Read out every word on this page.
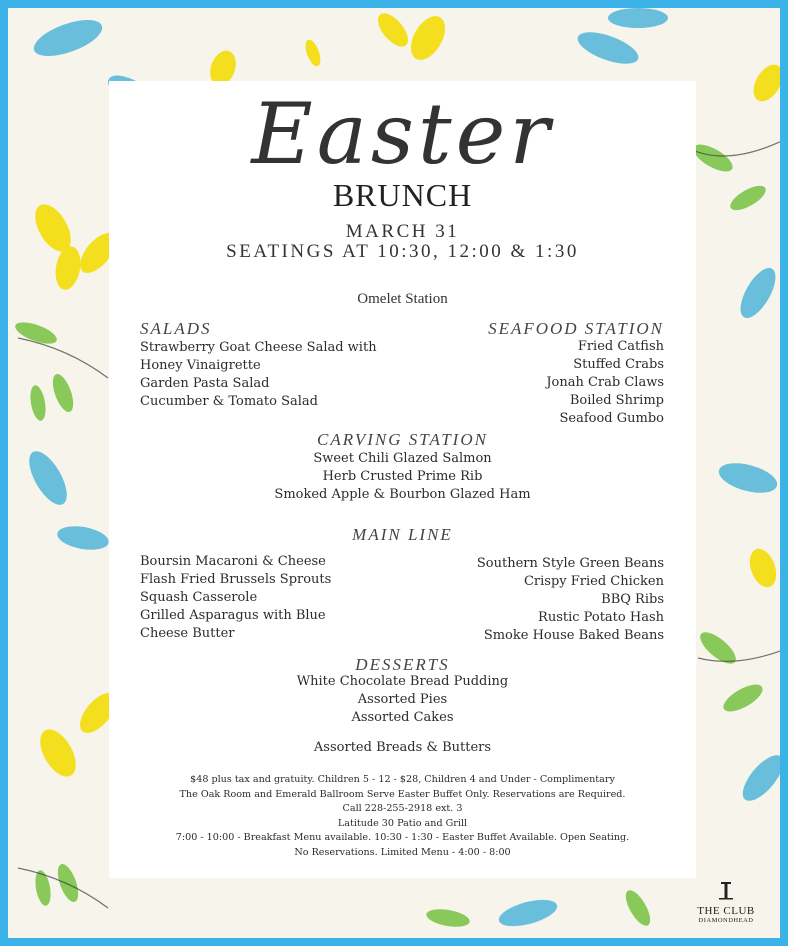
Easter
BRUNCH
MARCH 31
SEATINGS AT 10:30, 12:00 & 1:30
Omelet Station
SALADS
Strawberry Goat Cheese Salad with
Honey Vinaigrette
Garden Pasta Salad
Cucumber & Tomato Salad
SEAFOOD STATION
Fried Catfish
Stuffed Crabs
Jonah Crab Claws
Boiled Shrimp
Seafood Gumbo
CARVING STATION
Sweet Chili Glazed Salmon
Herb Crusted Prime Rib
Smoked Apple & Bourbon Glazed Ham
MAIN LINE
Boursin Macaroni & Cheese
Flash Fried Brussels Sprouts
Squash Casserole
Grilled Asparagus with Blue
Cheese Butter
Southern Style Green Beans
Crispy Fried Chicken
BBQ Ribs
Rustic Potato Hash
Smoke House Baked Beans
DESSERTS
White Chocolate Bread Pudding
Assorted Pies
Assorted Cakes
Assorted Breads & Butters
$48 plus tax and gratuity. Children 5 - 12 - $28, Children 4 and Under - Complimentary
The Oak Room and Emerald Ballroom Serve Easter Buffet Only. Reservations are Required.
Call 228-255-2918 ext. 3
Latitude 30 Patio and Grill
7:00 - 10:00 - Breakfast Menu available. 10:30 - 1:30 - Easter Buffet Available. Open Seating.
No Reservations. Limited Menu - 4:00 - 8:00
THE CLUB
DIAMONDHEAD
